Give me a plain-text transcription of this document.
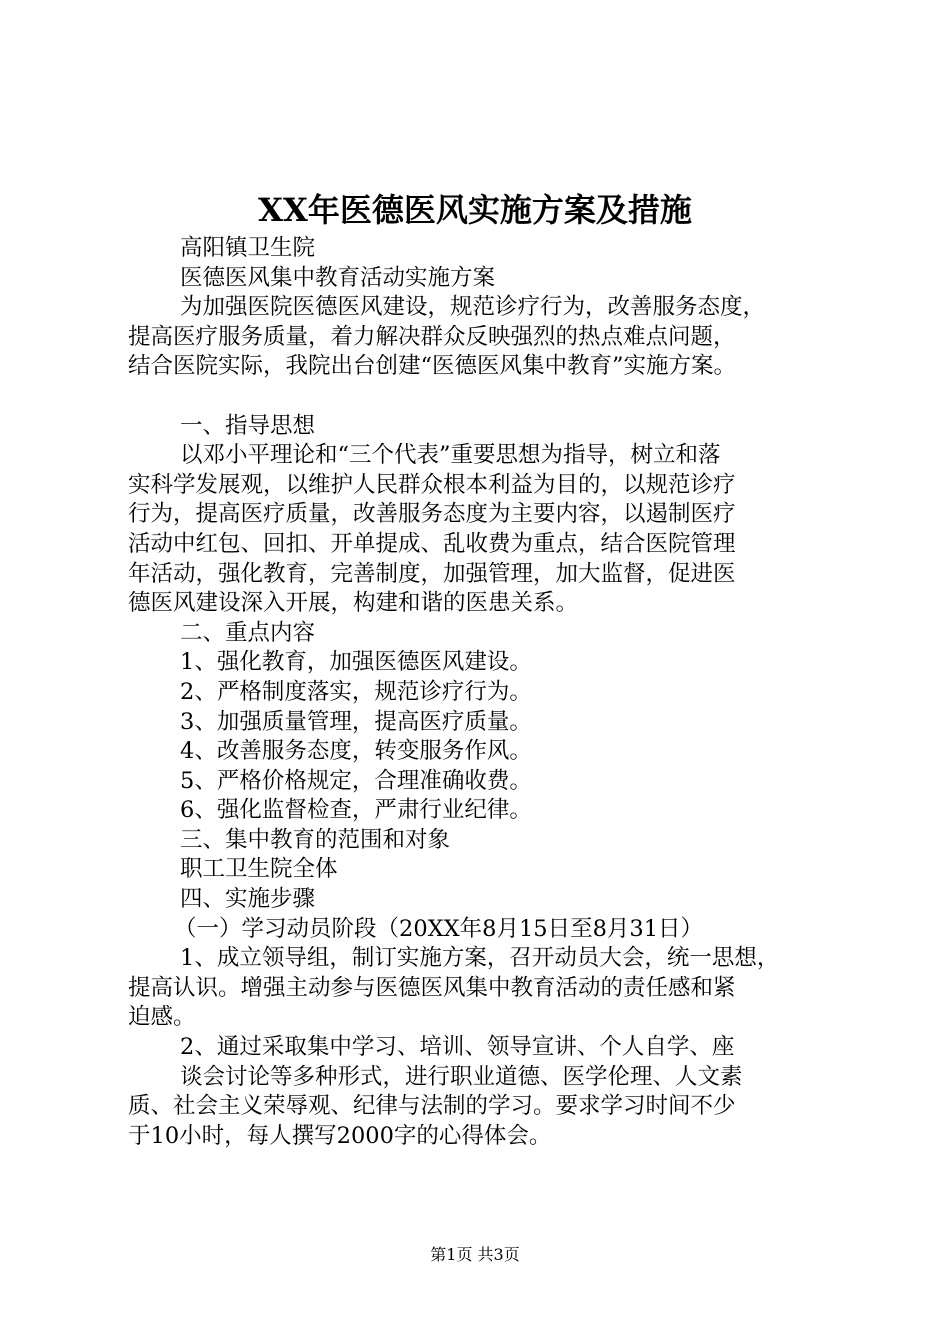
XX年医德医风实施方案及措施
高阳镇卫生院
医德医风集中教育活动实施方案
为加强医院医德医风建设，规范诊疗行为，改善服务态度，
提高医疗服务质量，着力解决群众反映强烈的热点难点问题，
结合医院实际，我院出台创建“医德医风集中教育”实施方案。
一、指导思想
以邓小平理论和“三个代表”重要思想为指导，树立和落
实科学发展观，以维护人民群众根本利益为目的，以规范诊疗
行为，提高医疗质量，改善服务态度为主要内容，以遏制医疗
活动中红包、回扣、开单提成、乱收费为重点，结合医院管理
年活动，强化教育，完善制度，加强管理，加大监督，促进医
德医风建设深入开展，构建和谐的医患关系。
二、重点内容
1、强化教育，加强医德医风建设。
2、严格制度落实，规范诊疗行为。
3、加强质量管理，提高医疗质量。
4、改善服务态度，转变服务作风。
5、严格价格规定，合理准确收费。
6、强化监督检查，严肃行业纪律。
三、集中教育的范围和对象
职工卫生院全体
四、实施步骤
（一）学习动员阶段（20XX年8月15日至8月31日）
1、成立领导组，制订实施方案，召开动员大会，统一思想，
提高认识。增强主动参与医德医风集中教育活动的责任感和紧
迫感。
2、通过采取集中学习、培训、领导宣讲、个人自学、座
谈会讨论等多种形式，进行职业道德、医学伦理、人文素
质、社会主义荣辱观、纪律与法制的学习。要求学习时间不少
于10小时，每人撰写2000字的心得体会。
第1页 共3页
